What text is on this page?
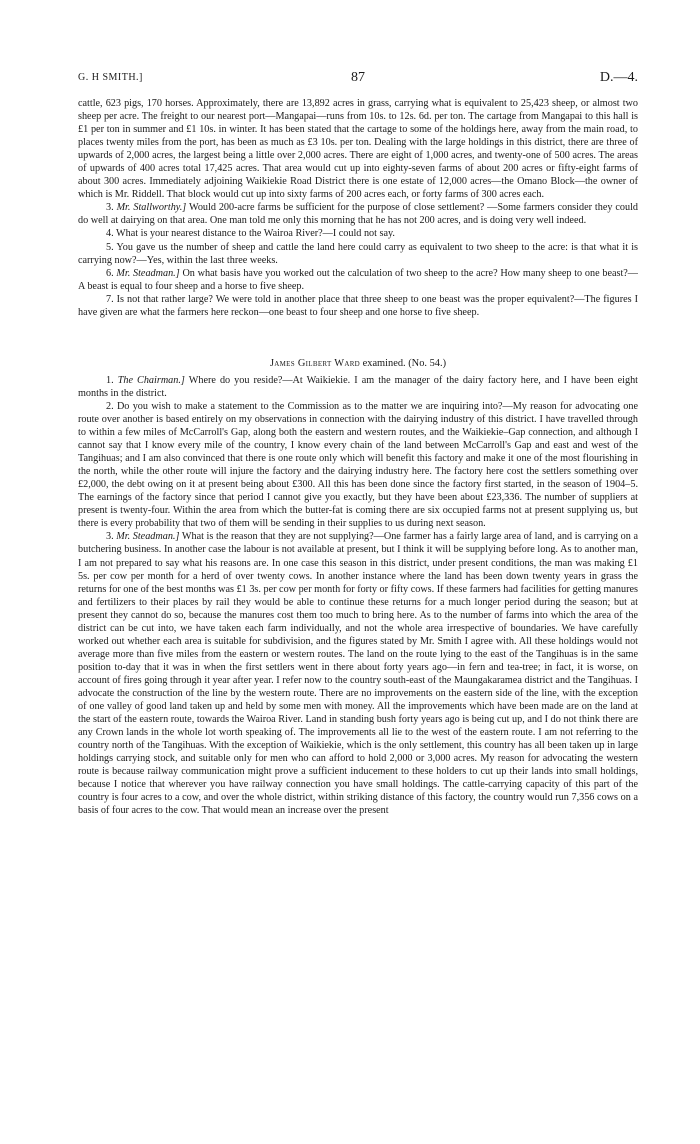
G. H SMITH.]	87	D.—4.

cattle, 623 pigs, 170 horses. Approximately, there are 13,892 acres in grass, carrying what is equivalent to 25,423 sheep, or almost two sheep per acre. The freight to our nearest port—Mangapai—runs from 10s. to 12s. 6d. per ton. The cartage from Mangapai to this hall is £1 per ton in summer and £1 10s. in winter. It has been stated that the cartage to some of the holdings here, away from the main road, to places twenty miles from the port, has been as much as £3 10s. per ton. Dealing with the large holdings in this district, there are three of upwards of 2,000 acres, the largest being a little over 2,000 acres. There are eight of 1,000 acres, and twenty-one of 500 acres. The areas of upwards of 400 acres total 17,425 acres. That area would cut up into eighty-seven farms of about 200 acres or fifty-eight farms of about 300 acres. Immediately adjoining Waikiekie Road District there is one estate of 12,000 acres—the Omano Block—the owner of which is Mr. Riddell. That block would cut up into sixty farms of 200 acres each, or forty farms of 300 acres each.

3. Mr. Stallworthy.] Would 200-acre farms be sufficient for the purpose of close settlement? —Some farmers consider they could do well at dairying on that area. One man told me only this morning that he has not 200 acres, and is doing very well indeed.

4. What is your nearest distance to the Wairoa River?—I could not say.

5. You gave us the number of sheep and cattle the land here could carry as equivalent to two sheep to the acre: is that what it is carrying now?—Yes, within the last three weeks.

6. Mr. Steadman.] On what basis have you worked out the calculation of two sheep to the acre? How many sheep to one beast?—A beast is equal to four sheep and a horse to five sheep.

7. Is not that rather large? We were told in another place that three sheep to one beast was the proper equivalent?—The figures I have given are what the farmers here reckon—one beast to four sheep and one horse to five sheep.

James Gilbert Ward examined. (No. 54.)

1. The Chairman.] Where do you reside?—At Waikiekie. I am the manager of the dairy factory here, and I have been eight months in the district.

2. Do you wish to make a statement to the Commission as to the matter we are inquiring into?—My reason for advocating one route over another is based entirely on my observations in connection with the dairying industry of this district. I have travelled through to within a few miles of McCarroll's Gap, along both the eastern and western routes, and the Waikiekie–Gap connection, and although I cannot say that I know every mile of the country, I know every chain of the land between McCarroll's Gap and east and west of the Tangihuas; and I am also convinced that there is one route only which will benefit this factory and make it one of the most flourishing in the north, while the other route will injure the factory and the dairying industry here. The factory here cost the settlers something over £2,000, the debt owing on it at present being about £300. All this has been done since the factory first started, in the season of 1904–5. The earnings of the factory since that period I cannot give you exactly, but they have been about £23,336. The number of suppliers at present is twenty-four. Within the area from which the butter-fat is coming there are six occupied farms not at present supplying us, but there is every probability that two of them will be sending in their supplies to us during next season.

3. Mr. Steadman.] What is the reason that they are not supplying?—One farmer has a fairly large area of land, and is carrying on a butchering business. In another case the labour is not available at present, but I think it will be supplying before long. As to another man, I am not prepared to say what his reasons are. In one case this season in this district, under present conditions, the man was making £1 5s. per cow per month for a herd of over twenty cows. In another instance where the land has been down twenty years in grass the returns for one of the best months was £1 3s. per cow per month for forty or fifty cows. If these farmers had facilities for getting manures and fertilizers to their places by rail they would be able to continue these returns for a much longer period during the season; but at present they cannot do so, because the manures cost them too much to bring here. As to the number of farms into which the area of the district can be cut into, we have taken each farm individually, and not the whole area irrespective of boundaries. We have carefully worked out whether each area is suitable for subdivision, and the figures stated by Mr. Smith I agree with. All these holdings would not average more than five miles from the eastern or western routes. The land on the route lying to the east of the Tangihuas is in the same position to-day that it was in when the first settlers went in there about forty years ago—in fern and tea-tree; in fact, it is worse, on account of fires going through it year after year. I refer now to the country south-east of the Maungakaramea district and the Tangihuas. I advocate the construction of the line by the western route. There are no improvements on the eastern side of the line, with the exception of one valley of good land taken up and held by some men with money. All the improvements which have been made are on the land at the start of the eastern route, towards the Wairoa River. Land in standing bush forty years ago is being cut up, and I do not think there are any Crown lands in the whole lot worth speaking of. The improvements all lie to the west of the eastern route. I am not referring to the country north of the Tangihuas. With the exception of Waikiekie, which is the only settlement, this country has all been taken up in large holdings carrying stock, and suitable only for men who can afford to hold 2,000 or 3,000 acres. My reason for advocating the western route is because railway communication might prove a sufficient inducement to these holders to cut up their lands into small holdings, because I notice that wherever you have railway connection you have small holdings. The cattle-carrying capacity of this part of the country is four acres to a cow, and over the whole district, within striking distance of this factory, the country would run 7,356 cows on a basis of four acres to the cow. That would mean an increase over the present
